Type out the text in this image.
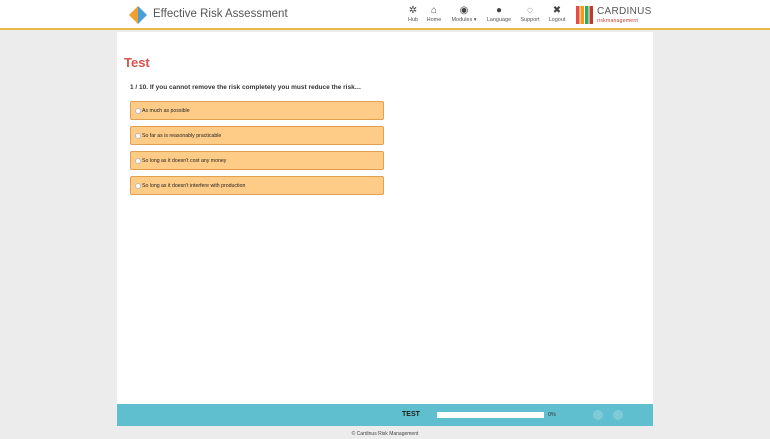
Effective Risk Assessment	✲
Hub
⌂
Home
◉
Modules ▾
●
Language
◌
Support
✖
Logout
CARDINUS
riskmanagement
Test
1 / 10. If you cannot remove the risk completely you must reduce the risk…
As much as possible
So far as is reasonably practicable
So long as it doesn't cost any money
So long as it doesn't interfere with production
TEST	0%
© Cardinus Risk Management
